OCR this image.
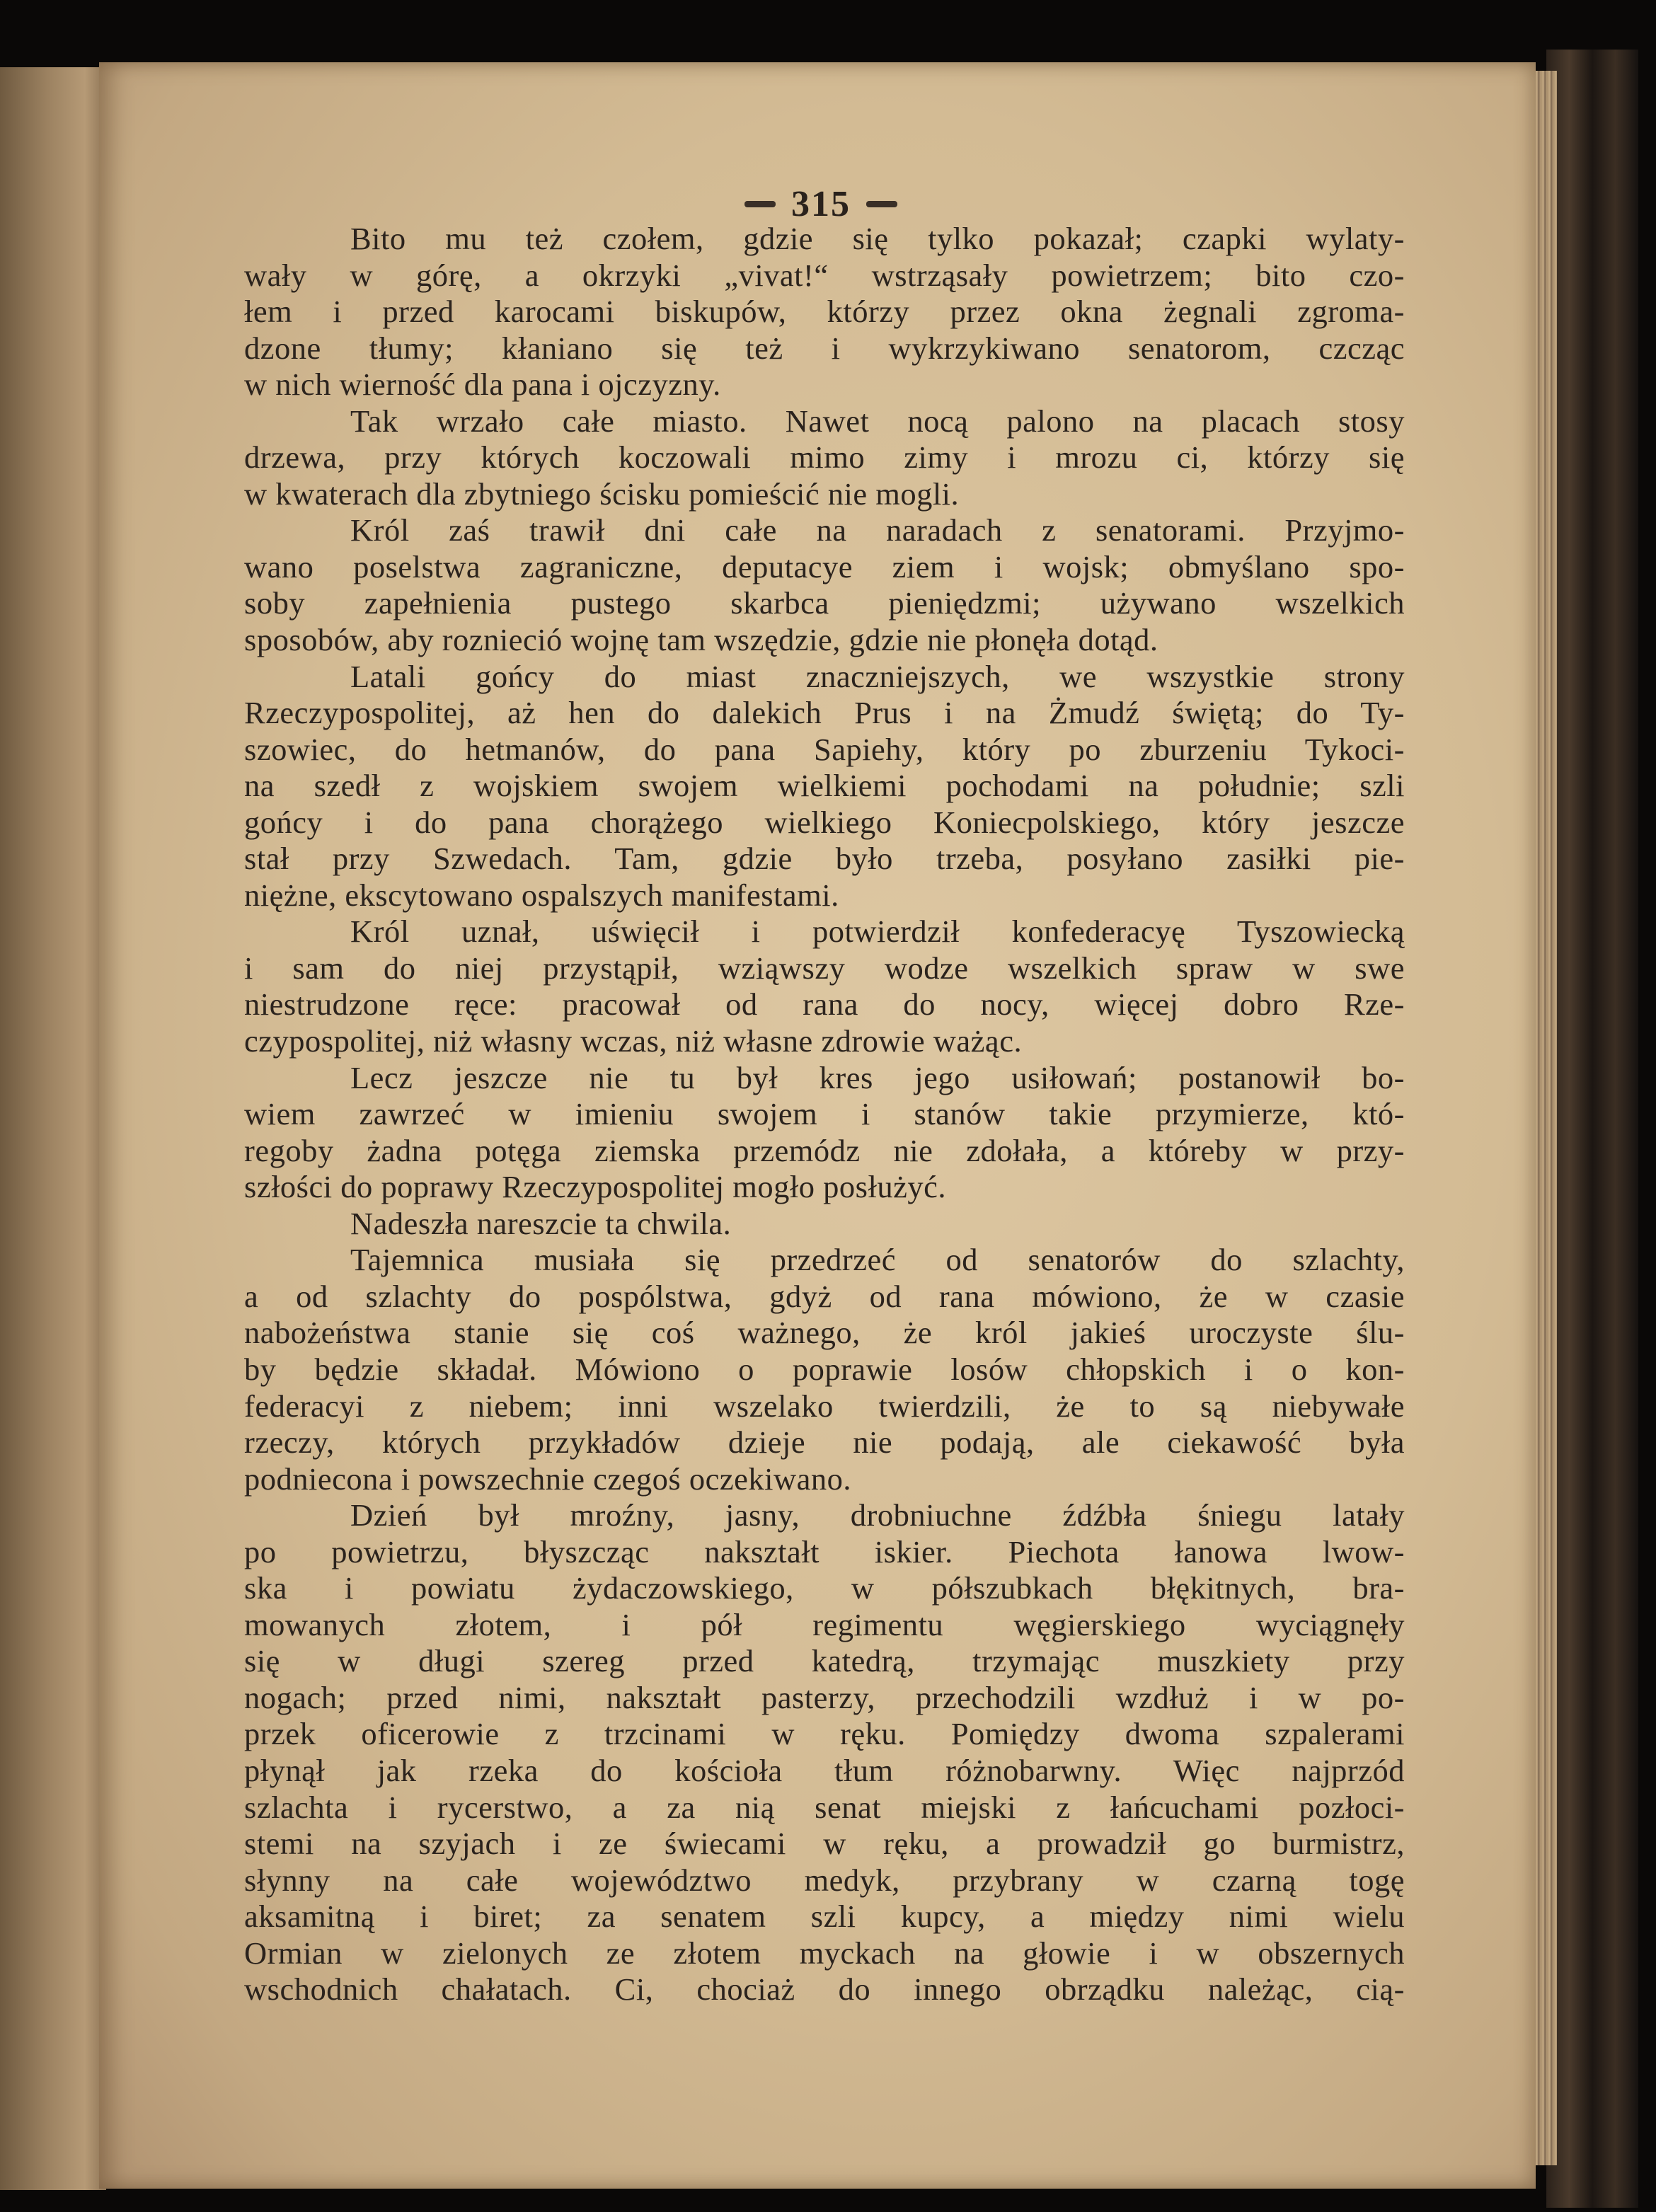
315
Bito mu też czołem, gdzie się tylko pokazał; czapki wylaty-
wały w górę, a okrzyki „vivat!“ wstrząsały powietrzem; bito czo-
łem i przed karocami biskupów, którzy przez okna żegnali zgroma-
dzone tłumy; kłaniano się też i wykrzykiwano senatorom, czcząc
w nich wierność dla pana i ojczyzny.
Tak wrzało całe miasto. Nawet nocą palono na placach stosy
drzewa, przy których koczowali mimo zimy i mrozu ci, którzy się
w kwaterach dla zbytniego ścisku pomieścić nie mogli.
Król zaś trawił dni całe na naradach z senatorami. Przyjmo-
wano poselstwa zagraniczne, deputacye ziem i wojsk; obmyślano spo-
soby zapełnienia pustego skarbca pieniędzmi; używano wszelkich
sposobów, aby roznieció wojnę tam wszędzie, gdzie nie płonęła dotąd.
Latali gońcy do miast znaczniejszych, we wszystkie strony
Rzeczypospolitej, aż hen do dalekich Prus i na Żmudź świętą; do Ty-
szowiec, do hetmanów, do pana Sapiehy, który po zburzeniu Tykoci-
na szedł z wojskiem swojem wielkiemi pochodami na południe; szli
gońcy i do pana chorążego wielkiego Koniecpolskiego, który jeszcze
stał przy Szwedach. Tam, gdzie było trzeba, posyłano zasiłki pie-
niężne, ekscytowano ospalszych manifestami.
Król uznał, uświęcił i potwierdził konfederacyę Tyszowiecką
i sam do niej przystąpił, wziąwszy wodze wszelkich spraw w swe
niestrudzone ręce: pracował od rana do nocy, więcej dobro Rze-
czypospolitej, niż własny wczas, niż własne zdrowie ważąc.
Lecz jeszcze nie tu był kres jego usiłowań; postanowił bo-
wiem zawrzeć w imieniu swojem i stanów takie przymierze, któ-
regoby żadna potęga ziemska przemódz nie zdołała, a któreby w przy-
szłości do poprawy Rzeczypospolitej mogło posłużyć.
Nadeszła nareszcie ta chwila.
Tajemnica musiała się przedrzeć od senatorów do szlachty,
a od szlachty do pospólstwa, gdyż od rana mówiono, że w czasie
nabożeństwa stanie się coś ważnego, że król jakieś uroczyste ślu-
by będzie składał. Mówiono o poprawie losów chłopskich i o kon-
federacyi z niebem; inni wszelako twierdzili, że to są niebywałe
rzeczy, których przykładów dzieje nie podają, ale ciekawość była
podniecona i powszechnie czegoś oczekiwano.
Dzień był mroźny, jasny, drobniuchne źdźbła śniegu latały
po powietrzu, błyszcząc nakształt iskier. Piechota łanowa lwow-
ska i powiatu żydaczowskiego, w półszubkach błękitnych, bra-
mowanych złotem, i pół regimentu węgierskiego wyciągnęły
się w długi szereg przed katedrą, trzymając muszkiety przy
nogach; przed nimi, nakształt pasterzy, przechodzili wzdłuż i w po-
przek oficerowie z trzcinami w ręku. Pomiędzy dwoma szpalerami
płynął jak rzeka do kościoła tłum różnobarwny. Więc najprzód
szlachta i rycerstwo, a za nią senat miejski z łańcuchami pozłoci-
stemi na szyjach i ze świecami w ręku, a prowadził go burmistrz,
słynny na całe województwo medyk, przybrany w czarną togę
aksamitną i biret; za senatem szli kupcy, a między nimi wielu
Ormian w zielonych ze złotem myckach na głowie i w obszernych
wschodnich chałatach. Ci, chociaż do innego obrządku należąc, cią-
